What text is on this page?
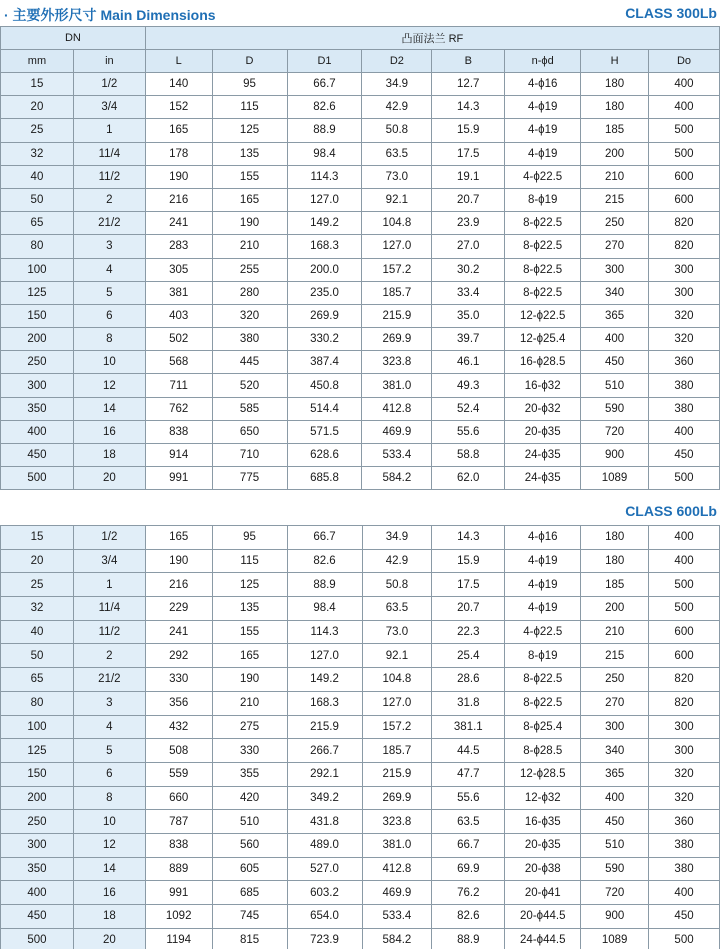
· 主要外形尺寸 Main Dimensions	CLASS 300Lb
DN		凸面法兰 RF							
mm	in	L	D	D1	D2	B	n-ϕd	H	Do
15	1/2	140	95	66.7	34.9	12.7	4-ϕ16	180	400
20	3/4	152	115	82.6	42.9	14.3	4-ϕ19	180	400
25	1	165	125	88.9	50.8	15.9	4-ϕ19	185	500
32	11/4	178	135	98.4	63.5	17.5	4-ϕ19	200	500
40	11/2	190	155	114.3	73.0	19.1	4-ϕ22.5	210	600
50	2	216	165	127.0	92.1	20.7	8-ϕ19	215	600
65	21/2	241	190	149.2	104.8	23.9	8-ϕ22.5	250	820
80	3	283	210	168.3	127.0	27.0	8-ϕ22.5	270	820
100	4	305	255	200.0	157.2	30.2	8-ϕ22.5	300	300
125	5	381	280	235.0	185.7	33.4	8-ϕ22.5	340	300
150	6	403	320	269.9	215.9	35.0	12-ϕ22.5	365	320
200	8	502	380	330.2	269.9	39.7	12-ϕ25.4	400	320
250	10	568	445	387.4	323.8	46.1	16-ϕ28.5	450	360
300	12	711	520	450.8	381.0	49.3	16-ϕ32	510	380
350	14	762	585	514.4	412.8	52.4	20-ϕ32	590	380
400	16	838	650	571.5	469.9	55.6	20-ϕ35	720	400
450	18	914	710	628.6	533.4	58.8	24-ϕ35	900	450
500	20	991	775	685.8	584.2	62.0	24-ϕ35	1089	500
CLASS 600Lb
15	1/2	165	95	66.7	34.9	14.3	4-ϕ16	180	400
20	3/4	190	115	82.6	42.9	15.9	4-ϕ19	180	400
25	1	216	125	88.9	50.8	17.5	4-ϕ19	185	500
32	11/4	229	135	98.4	63.5	20.7	4-ϕ19	200	500
40	11/2	241	155	114.3	73.0	22.3	4-ϕ22.5	210	600
50	2	292	165	127.0	92.1	25.4	8-ϕ19	215	600
65	21/2	330	190	149.2	104.8	28.6	8-ϕ22.5	250	820
80	3	356	210	168.3	127.0	31.8	8-ϕ22.5	270	820
100	4	432	275	215.9	157.2	381.1	8-ϕ25.4	300	300
125	5	508	330	266.7	185.7	44.5	8-ϕ28.5	340	300
150	6	559	355	292.1	215.9	47.7	12-ϕ28.5	365	320
200	8	660	420	349.2	269.9	55.6	12-ϕ32	400	320
250	10	787	510	431.8	323.8	63.5	16-ϕ35	450	360
300	12	838	560	489.0	381.0	66.7	20-ϕ35	510	380
350	14	889	605	527.0	412.8	69.9	20-ϕ38	590	380
400	16	991	685	603.2	469.9	76.2	20-ϕ41	720	400
450	18	1092	745	654.0	533.4	82.6	20-ϕ44.5	900	450
500	20	1194	815	723.9	584.2	88.9	24-ϕ44.5	1089	500
